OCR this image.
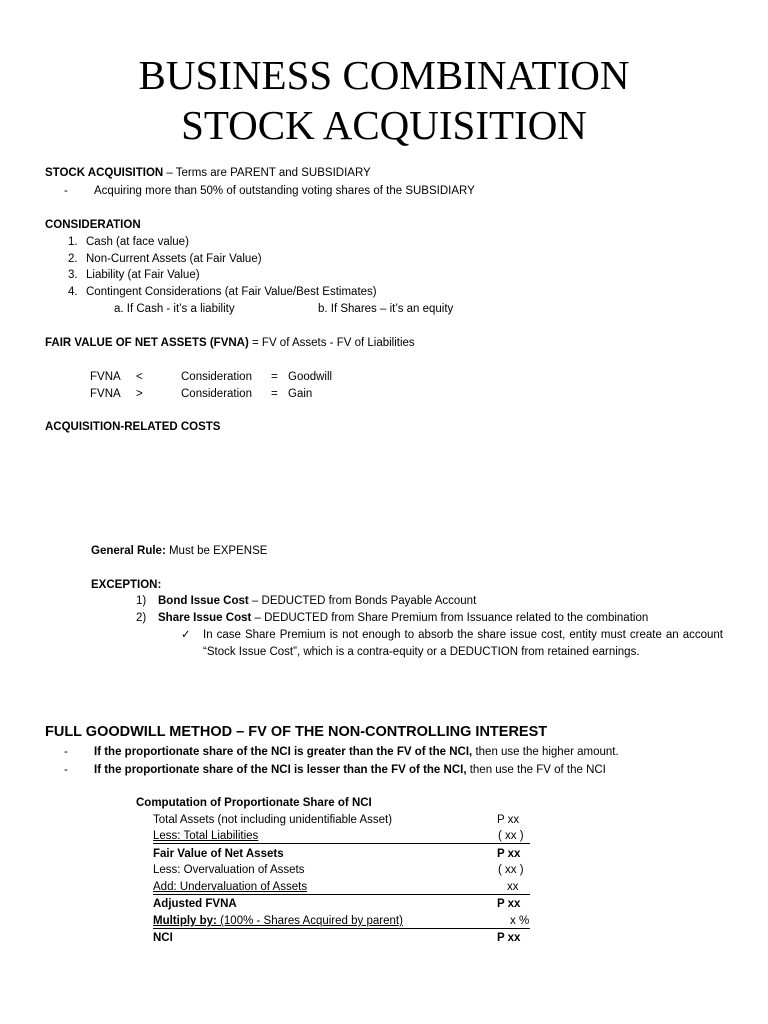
BUSINESS COMBINATION
STOCK ACQUISITION
STOCK ACQUISITION – Terms are PARENT and SUBSIDIARY
- Acquiring more than 50% of outstanding voting shares of the SUBSIDIARY
CONSIDERATION
1. Cash (at face value)
2. Non-Current Assets (at Fair Value)
3. Liability (at Fair Value)
4. Contingent Considerations (at Fair Value/Best Estimates)
a. If Cash - it’s a liability	b. If Shares – it’s an equity
FAIR VALUE OF NET ASSETS (FVNA) = FV of Assets - FV of Liabilities
FVNA <	Consideration = Goodwill
FVNA >	Consideration = Gain
ACQUISITION-RELATED COSTS
General Rule: Must be EXPENSE
EXCEPTION:
1) Bond Issue Cost – DEDUCTED from Bonds Payable Account
2) Share Issue Cost – DEDUCTED from Share Premium from Issuance related to the combination
✓ In case Share Premium is not enough to absorb the share issue cost, entity must create an account “Stock Issue Cost”, which is a contra-equity or a DEDUCTION from retained earnings.
FULL GOODWILL METHOD – FV OF THE NON-CONTROLLING INTEREST
- If the proportionate share of the NCI is greater than the FV of the NCI, then use the higher amount.
- If the proportionate share of the NCI is lesser than the FV of the NCI, then use the FV of the NCI
Computation of Proportionate Share of NCI
Total Assets (not including unidentifiable Asset)	P xx
Less: Total Liabilities	( xx )
Fair Value of Net Assets	P xx
Less: Overvaluation of Assets	( xx )
Add: Undervaluation of Assets	xx
Adjusted FVNA	P xx
Multiply by: (100% - Shares Acquired by parent)	x %
NCI	P xx
